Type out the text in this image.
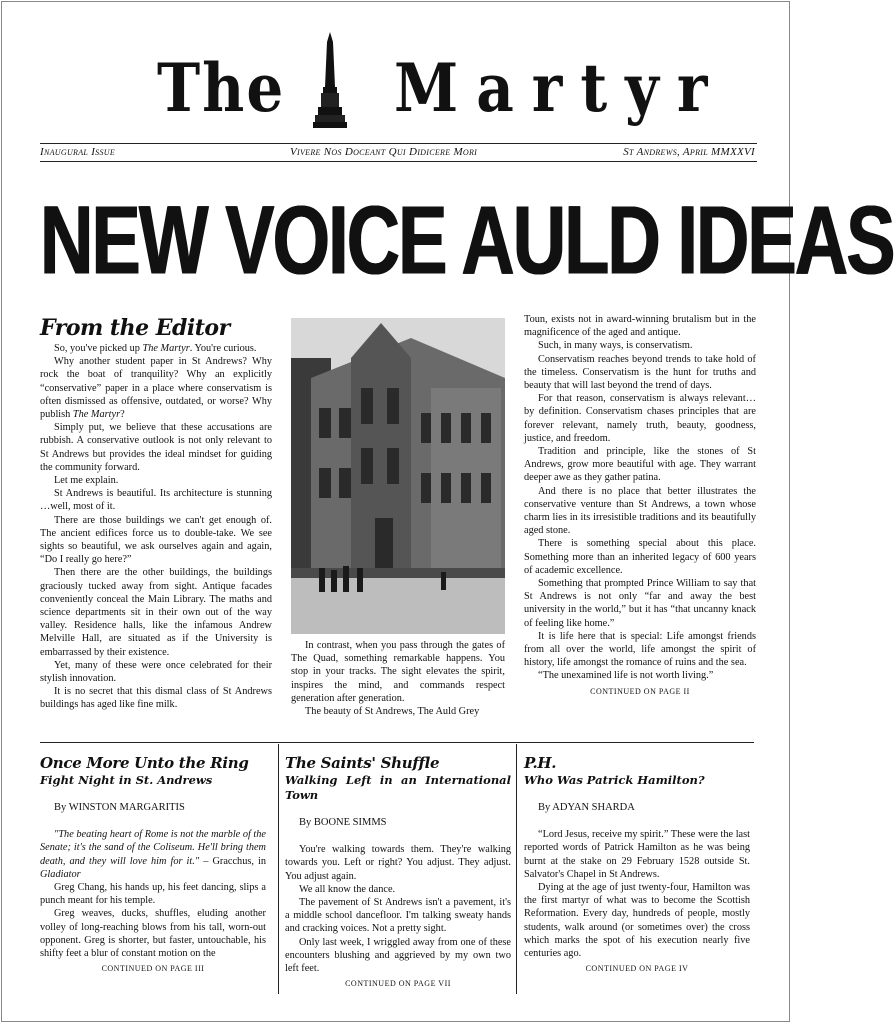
The Martyr
Inaugural Issue	Vivere Nos Doceant Qui Didicere Mori	St Andrews, April MMXXVI
NEW VOICE AULD IDEAS
From the Editor

So, you've picked up The Martyr. You're curious.

Why another student paper in St Andrews? Why rock the boat of tranquility? Why an explicitly “conservative” paper in a place where conservatism is often dismissed as offensive, outdated, or worse? Why publish The Martyr?

Simply put, we believe that these accusations are rubbish. A conservative outlook is not only relevant to St Andrews but provides the ideal mindset for guiding the community forward.

Let me explain.

St Andrews is beautiful. Its architecture is stunning …well, most of it.

There are those buildings we can't get enough of. The ancient edifices force us to double-take. We see sights so beautiful, we ask ourselves again and again, “Do I really go here?”

Then there are the other buildings, the buildings graciously tucked away from sight. Antique facades conveniently conceal the Main Library. The maths and science departments sit in their own out of the way valley. Residence halls, like the infamous Andrew Melville Hall, are situated as if the University is embarrassed by their existence.

Yet, many of these were once celebrated for their stylish innovation.

It is no secret that this dismal class of St Andrews buildings has aged like fine milk.

In contrast, when you pass through the gates of The Quad, something remarkable happens. You stop in your tracks. The sight elevates the spirit, inspires the mind, and commands respect generation after generation.

The beauty of St Andrews, The Auld Grey

Toun, exists not in award-winning brutalism but in the magnificence of the aged and antique.

Such, in many ways, is conservatism.

Conservatism reaches beyond trends to take hold of the timeless. Conservatism is the hunt for truths and beauty that will last beyond the trend of days.

For that reason, conservatism is always relevant…by definition. Conservatism chases principles that are forever relevant, namely truth, beauty, goodness, justice, and freedom.

Tradition and principle, like the stones of St Andrews, grow more beautiful with age. They warrant deeper awe as they gather patina.

And there is no place that better illustrates the conservative venture than St Andrews, a town whose charm lies in its irresistible traditions and its beautifully aged stone.

There is something special about this place. Something more than an inherited legacy of 600 years of academic excellence.

Something that prompted Prince William to say that St Andrews is not only “far and away the best university in the world,” but it has “that uncanny knack of feeling like home.”

It is life here that is special: Life amongst friends from all over the world, life amongst the spirit of history, life amongst the romance of ruins and the sea.

“The unexamined life is not worth living.”

CONTINUED ON PAGE II
Once More Unto the Ring
Fight Night in St. Andrews

By WINSTON MARGARITIS

"The beating heart of Rome is not the marble of the Senate; it's the sand of the Coliseum. He'll bring them death, and they will love him for it." – Gracchus, in Gladiator

Greg Chang, his hands up, his feet dancing, slips a punch meant for his temple.

Greg weaves, ducks, shuffles, eluding another volley of long-reaching blows from his tall, worn-out opponent. Greg is shorter, but faster, untouchable, his shifty feet a blur of constant motion on the

CONTINUED ON PAGE III
The Saints' Shuffle
Walking Left in an International Town

By BOONE SIMMS

You're walking towards them. They're walking towards you. Left or right? You adjust. They adjust. You adjust again.

We all know the dance.

The pavement of St Andrews isn't a pavement, it's a middle school dancefloor. I'm talking sweaty hands and cracking voices. Not a pretty sight.

Only last week, I wriggled away from one of these encounters blushing and aggrieved by my own two left feet.

CONTINUED ON PAGE VII
P.H.
Who Was Patrick Hamilton?

By ADYAN SHARDA

“Lord Jesus, receive my spirit.” These were the last reported words of Patrick Hamilton as he was being burnt at the stake on 29 February 1528 outside St. Salvator's Chapel in St Andrews.

Dying at the age of just twenty-four, Hamilton was the first martyr of what was to become the Scottish Reformation. Every day, hundreds of people, mostly students, walk around (or sometimes over) the cross which marks the spot of his execution nearly five centuries ago.

CONTINUED ON PAGE IV
